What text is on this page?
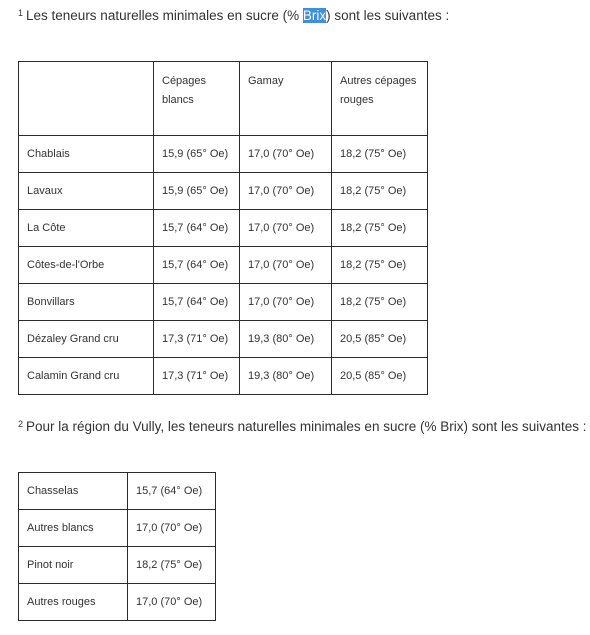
$^1$ Les teneurs naturelles minimales en sucre (% Brix) sont les suivantes :
	Cépages blancs	Gamay	Autres cépages rouges
Chablais	15,9 (65° Oe)	17,0 (70° Oe)	18,2 (75° Oe)
Lavaux	15,9 (65° Oe)	17,0 (70° Oe)	18,2 (75° Oe)
La Côte	15,7 (64° Oe)	17,0 (70° Oe)	18,2 (75° Oe)
Côtes-de-l'Orbe	15,7 (64° Oe)	17,0 (70° Oe)	18,2 (75° Oe)
Bonvillars	15,7 (64° Oe)	17,0 (70° Oe)	18,2 (75° Oe)
Dézaley Grand cru	17,3 (71° Oe)	19,3 (80° Oe)	20,5 (85° Oe)
Calamin Grand cru	17,3 (71° Oe)	19,3 (80° Oe)	20,5 (85° Oe)
$^2$ Pour la région du Vully, les teneurs naturelles minimales en sucre (% Brix) sont les suivantes :
Chasselas	15,7 (64° Oe)
Autres blancs	17,0 (70° Oe)
Pinot noir	18,2 (75° Oe)
Autres rouges	17,0 (70° Oe)
